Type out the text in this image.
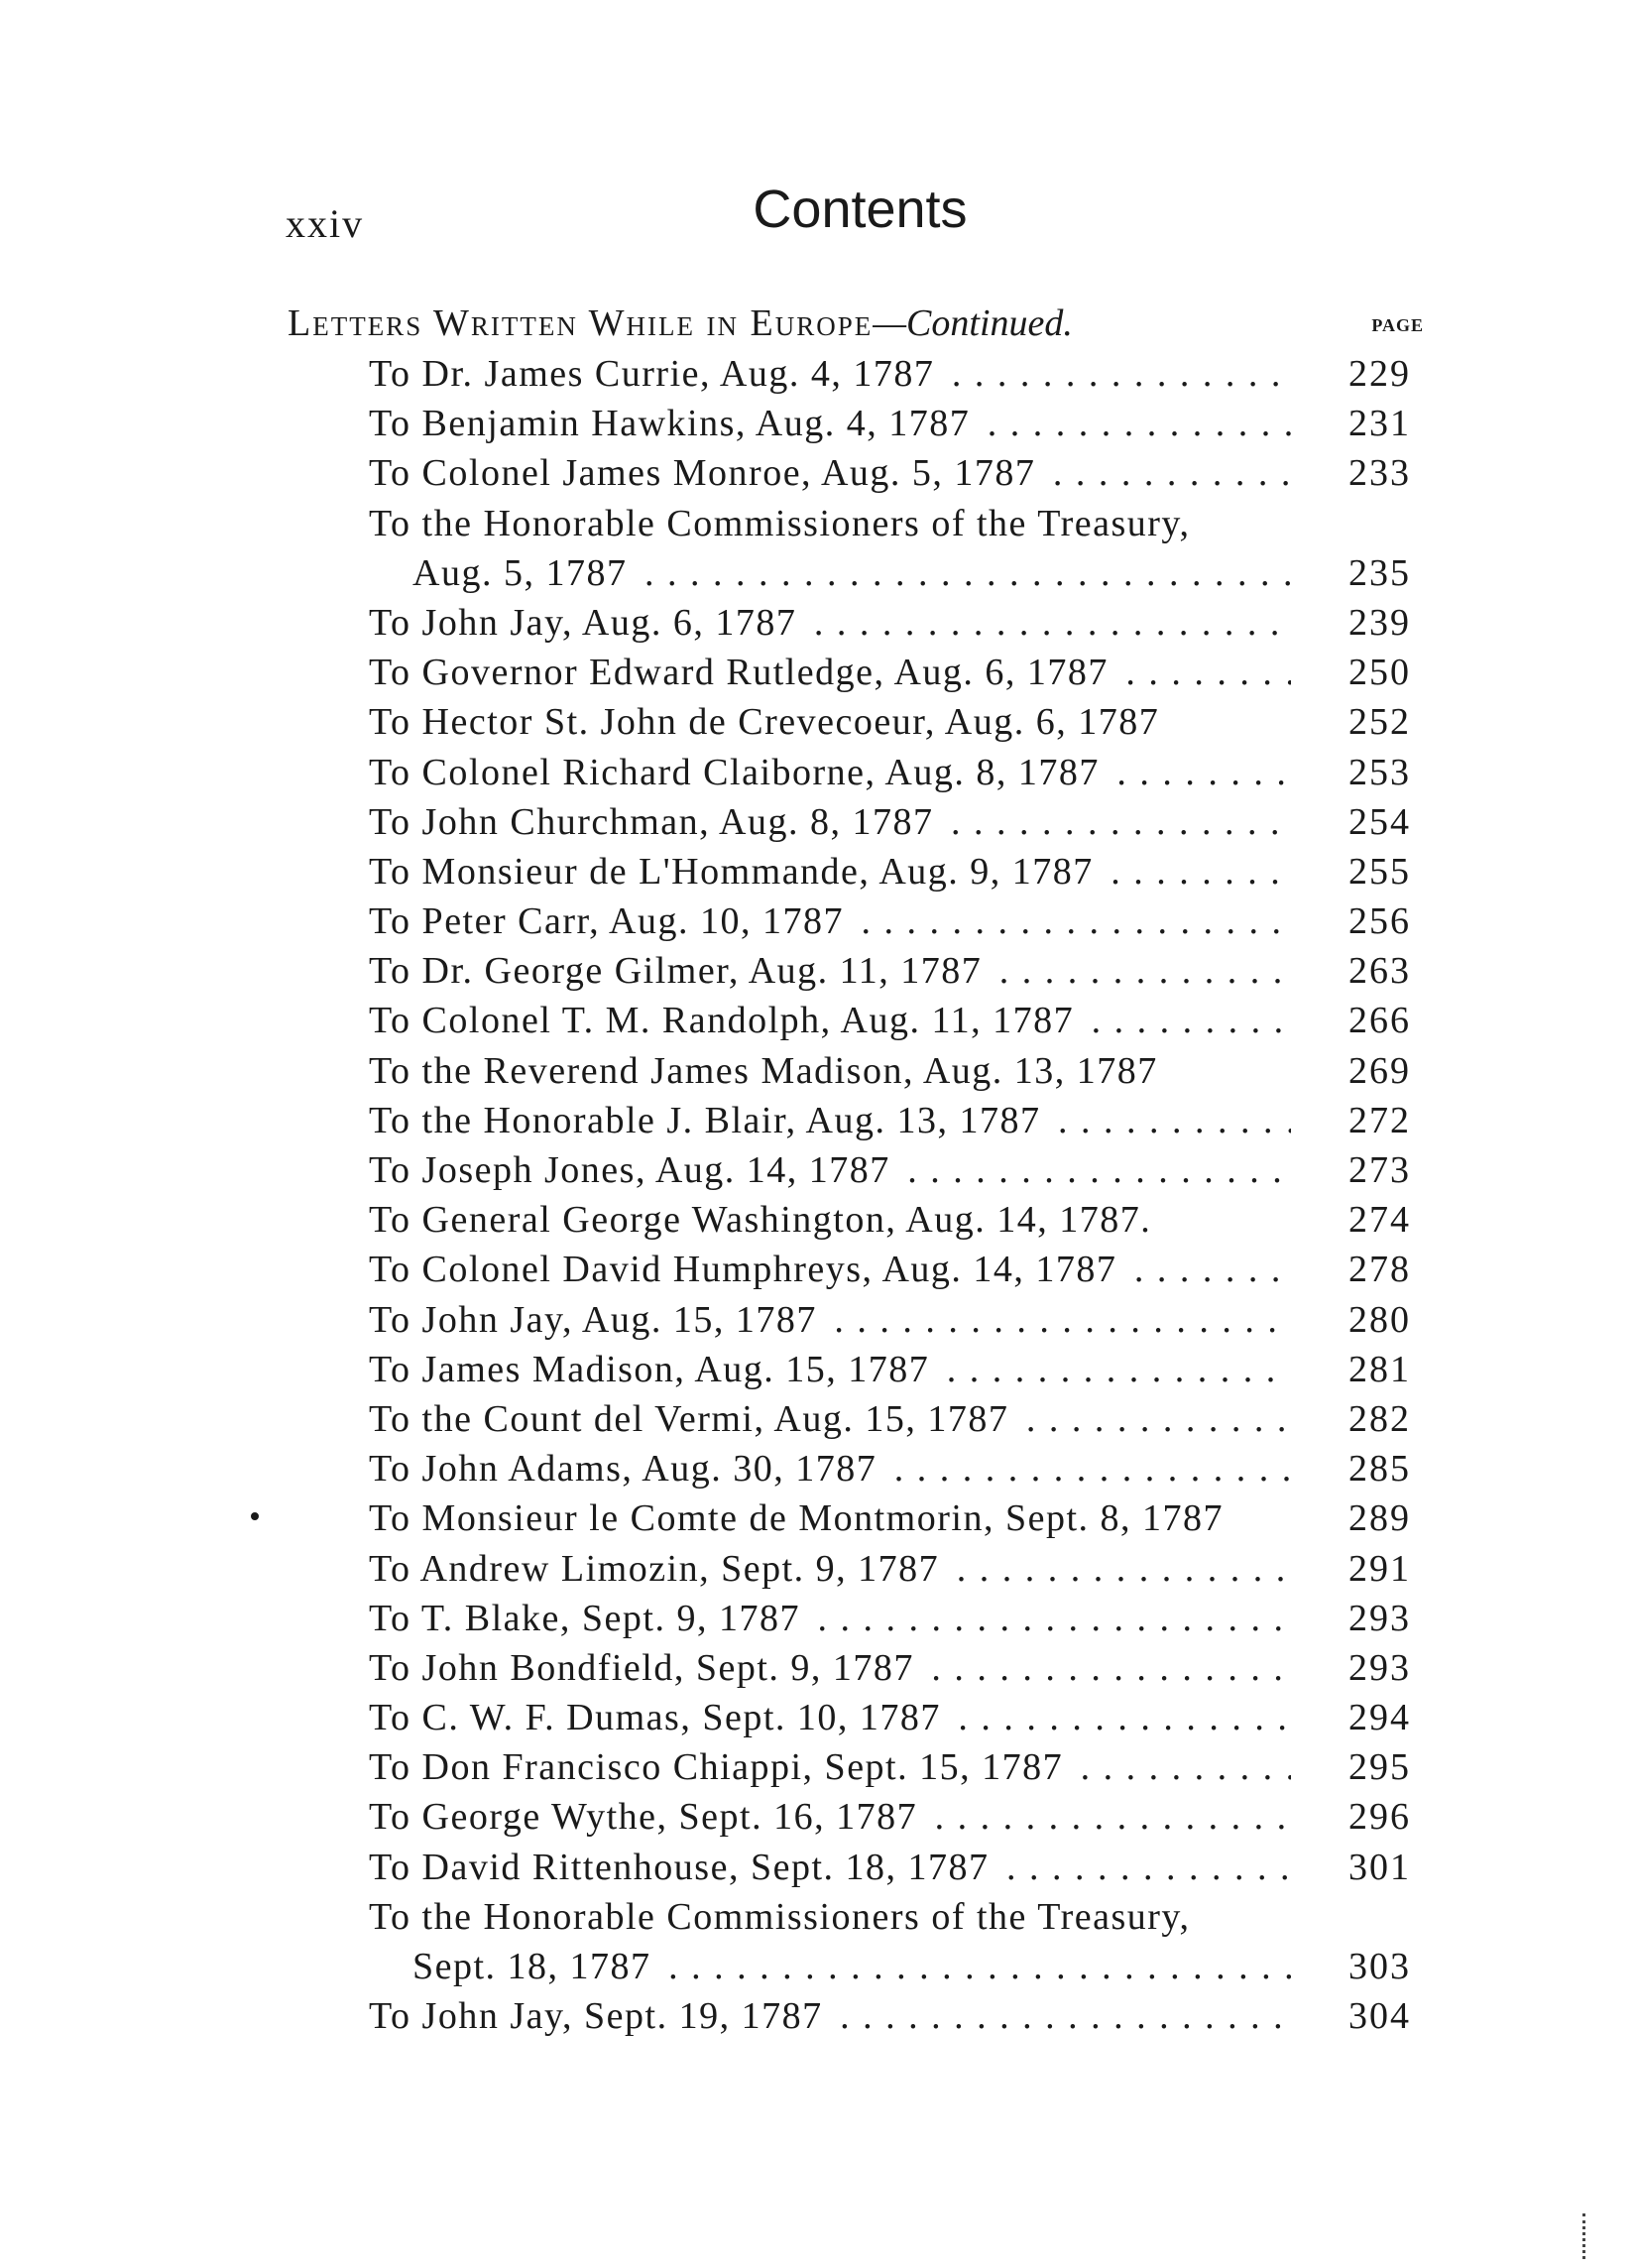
xxiv	Contents
Letters Written While in Europe—Continued.	PAGE
To Dr. James Currie, Aug. 4, 1787 . . .	229
To Benjamin Hawkins, Aug. 4, 1787 . . .	231
To Colonel James Monroe, Aug. 5, 1787 . . .	233
To the Honorable Commissioners of the Treasury,
Aug. 5, 1787 . . .	235
To John Jay, Aug. 6, 1787 . . .	239
To Governor Edward Rutledge, Aug. 6, 1787 . . .	250
To Hector St. John de Crevecoeur, Aug. 6, 1787	252
To Colonel Richard Claiborne, Aug. 8, 1787 . . .	253
To John Churchman, Aug. 8, 1787 . . .	254
To Monsieur de L'Hommande, Aug. 9, 1787 . . .	255
To Peter Carr, Aug. 10, 1787 . . .	256
To Dr. George Gilmer, Aug. 11, 1787 . . .	263
To Colonel T. M. Randolph, Aug. 11, 1787 . . .	266
To the Reverend James Madison, Aug. 13, 1787	269
To the Honorable J. Blair, Aug. 13, 1787 . . .	272
To Joseph Jones, Aug. 14, 1787 . . .	273
To General George Washington, Aug. 14, 1787.	274
To Colonel David Humphreys, Aug. 14, 1787 . . .	278
To John Jay, Aug. 15, 1787 . . .	280
To James Madison, Aug. 15, 1787 . . .	281
To the Count del Vermi, Aug. 15, 1787 . . .	282
To John Adams, Aug. 30, 1787 . . .	285
To Monsieur le Comte de Montmorin, Sept. 8, 1787	289
To Andrew Limozin, Sept. 9, 1787 . . .	291
To T. Blake, Sept. 9, 1787 . . .	293
To John Bondfield, Sept. 9, 1787 . . .	293
To C. W. F. Dumas, Sept. 10, 1787 . . .	294
To Don Francisco Chiappi, Sept. 15, 1787 . . .	295
To George Wythe, Sept. 16, 1787 . . .	296
To David Rittenhouse, Sept. 18, 1787 . . .	301
To the Honorable Commissioners of the Treasury,
Sept. 18, 1787 . . .	303
To John Jay, Sept. 19, 1787 . . .	304
